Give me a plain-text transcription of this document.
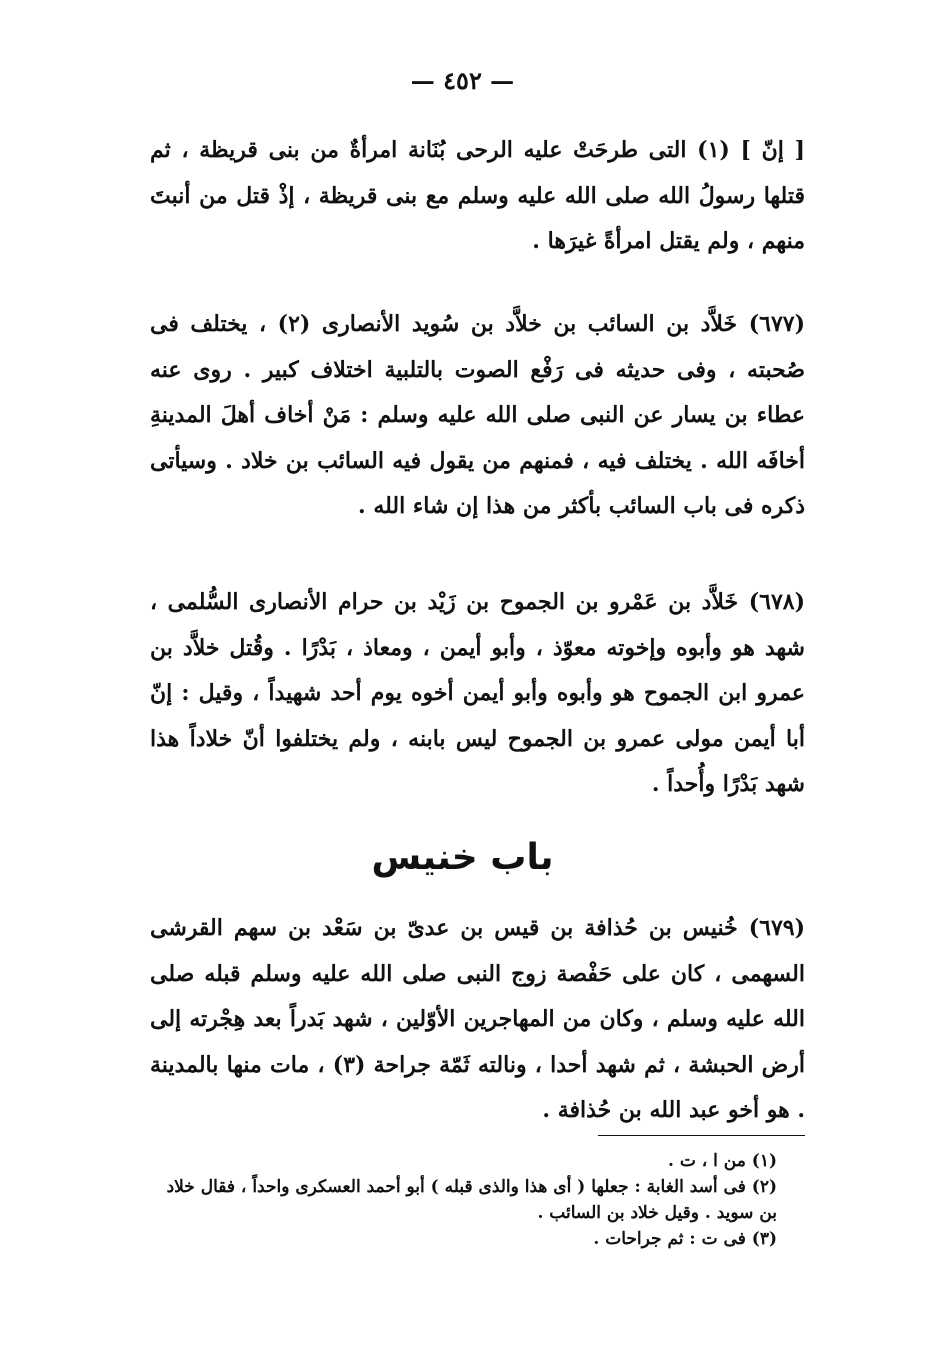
— ٤٥٢ —

[ إنّ ] (١) التى طرحَتْ عليه الرحى بُنَانة امرأةٌ من بنى قريظة ، ثم قتلها رسولُ الله صلى الله عليه وسلم مع بنى قريظة ، إذْ قتل من أنبتَ منهم ، ولم يقتل امرأةً غيرَها .

(٦٧٧) خَلاَّد بن السائب بن خلاَّد بن سُويد الأنصارى (٢) ، يختلف فى صُحبته ، وفى حديثه فى رَفْع الصوت بالتلبية اختلاف كبير . روى عنه عطاء بن يسار عن النبى صلى الله عليه وسلم : مَنْ أخاف أهلَ المدينةِ أخافَه الله . يختلف فيه ، فمنهم من يقول فيه السائب بن خلاد . وسيأتى ذكره فى باب السائب بأكثر من هذا إن شاء الله .

(٦٧٨) خَلاَّد بن عَمْرو بن الجموح بن زَيْد بن حرام الأنصارى السُّلمى ، شهد هو وأبوه وإخوته معوّذ ، وأبو أيمن ، ومعاذ ، بَدْرًا . وقُتل خلاَّد بن عمرو ابن الجموح هو وأبوه وأبو أيمن أخوه يوم أحد شهيداً ، وقيل : إنّ أبا أيمن مولى عمرو بن الجموح ليس بابنه ، ولم يختلفوا أنّ خلاداً هذا شهد بَدْرًا وأُحداً .

باب خنيس

(٦٧٩) خُنيس بن حُذافة بن قيس بن عدىّ بن سَعْد بن سهم القرشى السهمى ، كان على حَفْصة زوج النبى صلى الله عليه وسلم قبله صلى الله عليه وسلم ، وكان من المهاجرين الأوّلين ، شهد بَدراً بعد هِجْرته إلى أرض الحبشة ، ثم شهد أحدا ، ونالته ثَمّة جراحة (٣) ، مات منها بالمدينة . هو أخو عبد الله بن حُذافة .

(١) من ا ، ت .

(٢) فى أسد الغابة : جعلها ( أى هذا والذى قبله ) أبو أحمد العسكرى واحداً ، فقال خلاد بن سويد . وقيل خلاد بن السائب .

(٣) فى ت : ثم جراحات .
